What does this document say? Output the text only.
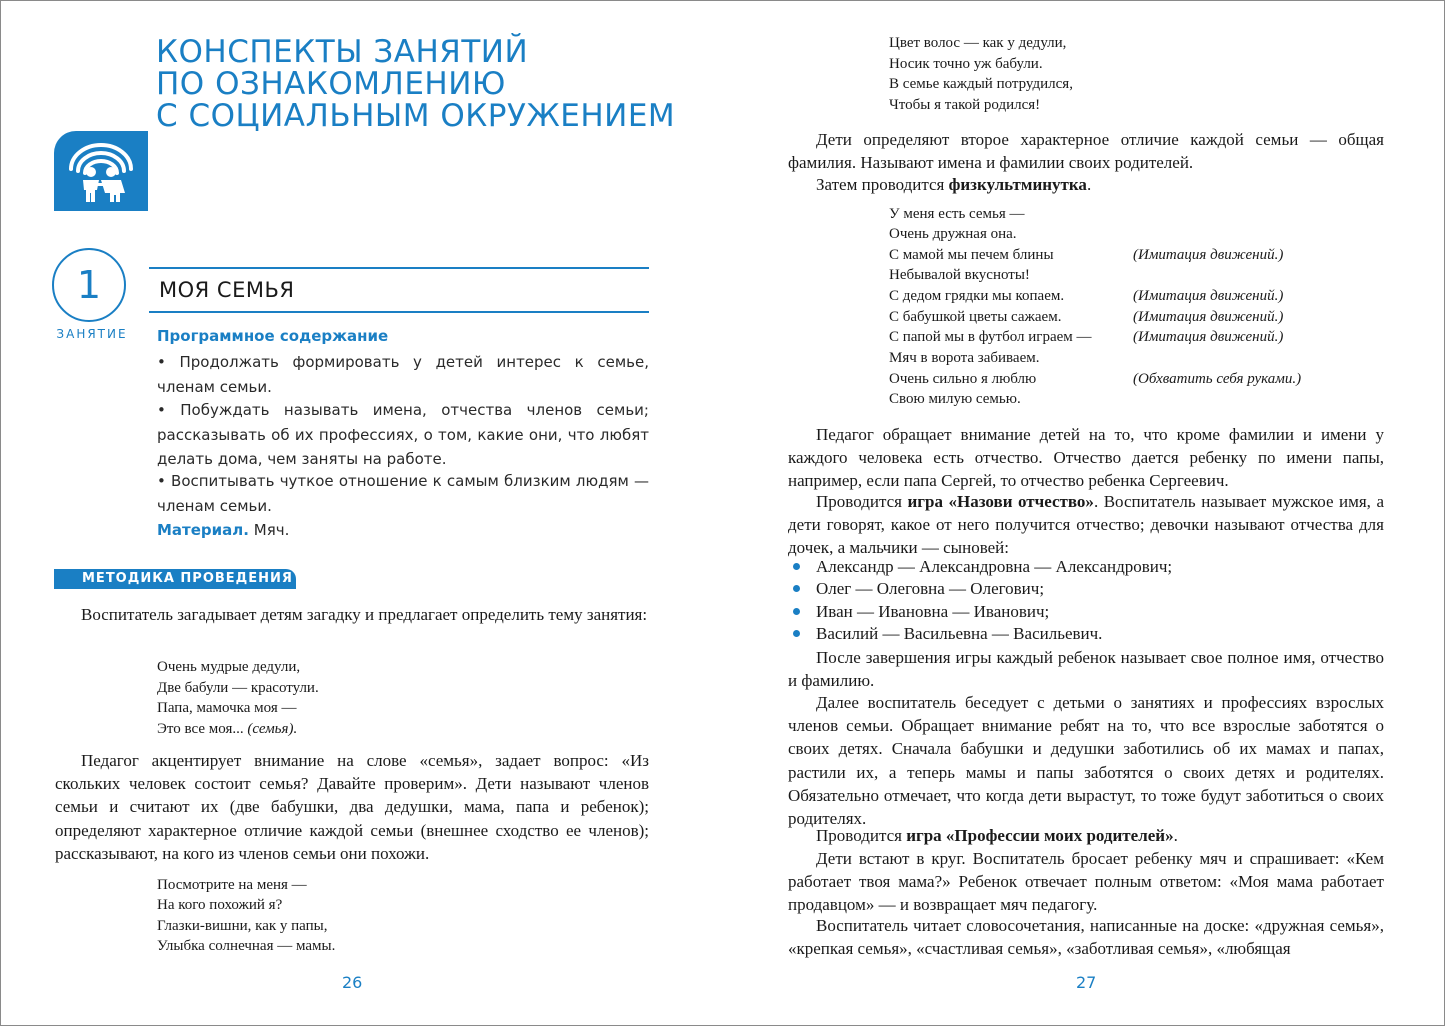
КОНСПЕКТЫ ЗАНЯТИЙ
ПО ОЗНАКОМЛЕНИЮ
С СОЦИАЛЬНЫМ ОКРУЖЕНИЕМ
1
ЗАНЯТИЕ
МОЯ СЕМЬЯ
Программное содержание
• Продолжать формировать у детей интерес к семье, членам семьи.
• Побуждать называть имена, отчества членов семьи; рассказывать об их профессиях, о том, какие они, что любят делать дома, чем заняты на работе.
• Воспитывать чуткое отношение к самым близким людям — членам семьи.
Материал. Мяч.
МЕТОДИКА ПРОВЕДЕНИЯ
Воспитатель загадывает детям загадку и предлагает определить тему занятия:
Очень мудрые дедули,
Две бабули — красотули.
Папа, мамочка моя —
Это все моя... (семья).
Педагог акцентирует внимание на слове «семья», задает вопрос: «Из скольких человек состоит семья? Давайте проверим». Дети называют членов семьи и считают их (две бабушки, два дедушки, мама, папа и ребенок); определяют характерное отличие каждой семьи (внешнее сходство ее членов); рассказывают, на кого из членов семьи они похожи.
Посмотрите на меня —
На кого похожий я?
Глазки-вишни, как у папы,
Улыбка солнечная — мамы.
26
Цвет волос — как у дедули,
Носик точно уж бабули.
В семье каждый потрудился,
Чтобы я такой родился!
Дети определяют второе характерное отличие каждой семьи — общая фамилия. Называют имена и фамилии своих родителей.
Затем проводится физкультминутка.
У меня есть семья —
Очень дружная она.
С мамой мы печем блины	(Имитация движений.)
Небывалой вкусноты!
С дедом грядки мы копаем.	(Имитация движений.)
С бабушкой цветы сажаем.	(Имитация движений.)
С папой мы в футбол играем —	(Имитация движений.)
Мяч в ворота забиваем.
Очень сильно я люблю	(Обхватить себя руками.)
Свою милую семью.
Педагог обращает внимание детей на то, что кроме фамилии и имени у каждого человека есть отчество. Отчество дается ребенку по имени папы, например, если папа Сергей, то отчество ребенка Сергеевич.
Проводится игра «Назови отчество». Воспитатель называет мужское имя, а дети говорят, какое от него получится отчество; девочки называют отчества для дочек, а мальчики — сыновей:
Александр — Александровна — Александрович;
Олег — Олеговна — Олегович;
Иван — Ивановна — Иванович;
Василий — Васильевна — Васильевич.
После завершения игры каждый ребенок называет свое полное имя, отчество и фамилию.
Далее воспитатель беседует с детьми о занятиях и профессиях взрослых членов семьи. Обращает внимание ребят на то, что все взрослые заботятся о своих детях. Сначала бабушки и дедушки заботились об их мамах и папах, растили их, а теперь мамы и папы заботятся о своих детях и родителях. Обязательно отмечает, что когда дети вырастут, то тоже будут заботиться о своих родителях.
Проводится игра «Профессии моих родителей».
Дети встают в круг. Воспитатель бросает ребенку мяч и спрашивает: «Кем работает твоя мама?» Ребенок отвечает полным ответом: «Моя мама работает продавцом» — и возвращает мяч педагогу.
Воспитатель читает словосочетания, написанные на доске: «дружная семья», «крепкая семья», «счастливая семья», «заботливая семья», «любящая
27
